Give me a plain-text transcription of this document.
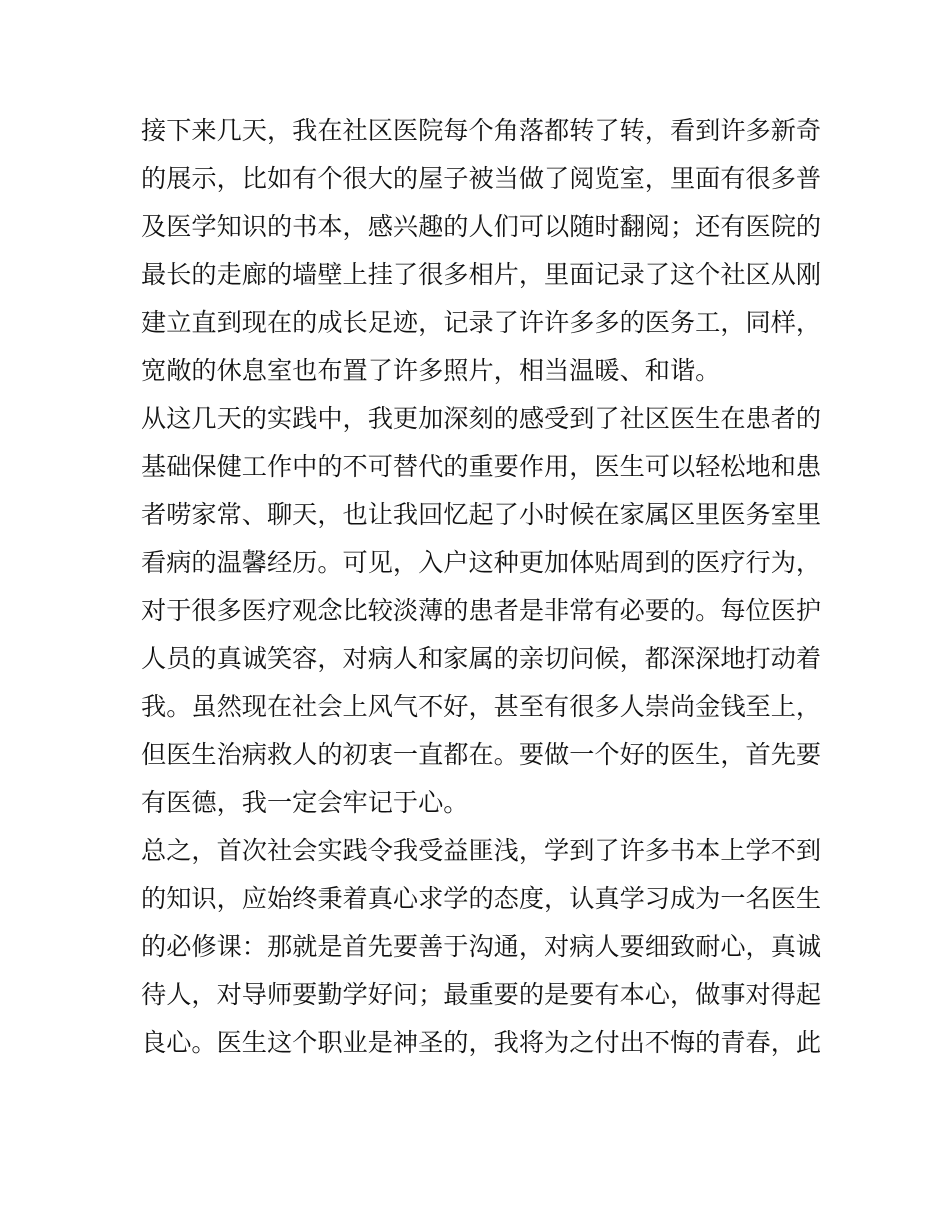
接下来几天，我在社区医院每个角落都转了转，看到许多新奇
的展示，比如有个很大的屋子被当做了阅览室，里面有很多普
及医学知识的书本，感兴趣的人们可以随时翻阅；还有医院的
最长的走廊的墙壁上挂了很多相片，里面记录了这个社区从刚
建立直到现在的成长足迹，记录了许许多多的医务工，同样，
宽敞的休息室也布置了许多照片，相当温暖、和谐。
从这几天的实践中，我更加深刻的感受到了社区医生在患者的
基础保健工作中的不可替代的重要作用，医生可以轻松地和患
者唠家常、聊天，也让我回忆起了小时候在家属区里医务室里
看病的温馨经历。可见，入户这种更加体贴周到的医疗行为，
对于很多医疗观念比较淡薄的患者是非常有必要的。每位医护
人员的真诚笑容，对病人和家属的亲切问候，都深深地打动着
我。虽然现在社会上风气不好，甚至有很多人崇尚金钱至上，
但医生治病救人的初衷一直都在。要做一个好的医生，首先要
有医德，我一定会牢记于心。
总之，首次社会实践令我受益匪浅，学到了许多书本上学不到
的知识，应始终秉着真心求学的态度，认真学习成为一名医生
的必修课：那就是首先要善于沟通，对病人要细致耐心，真诚
待人，对导师要勤学好问；最重要的是要有本心，做事对得起
良心。医生这个职业是神圣的，我将为之付出不悔的青春，此
